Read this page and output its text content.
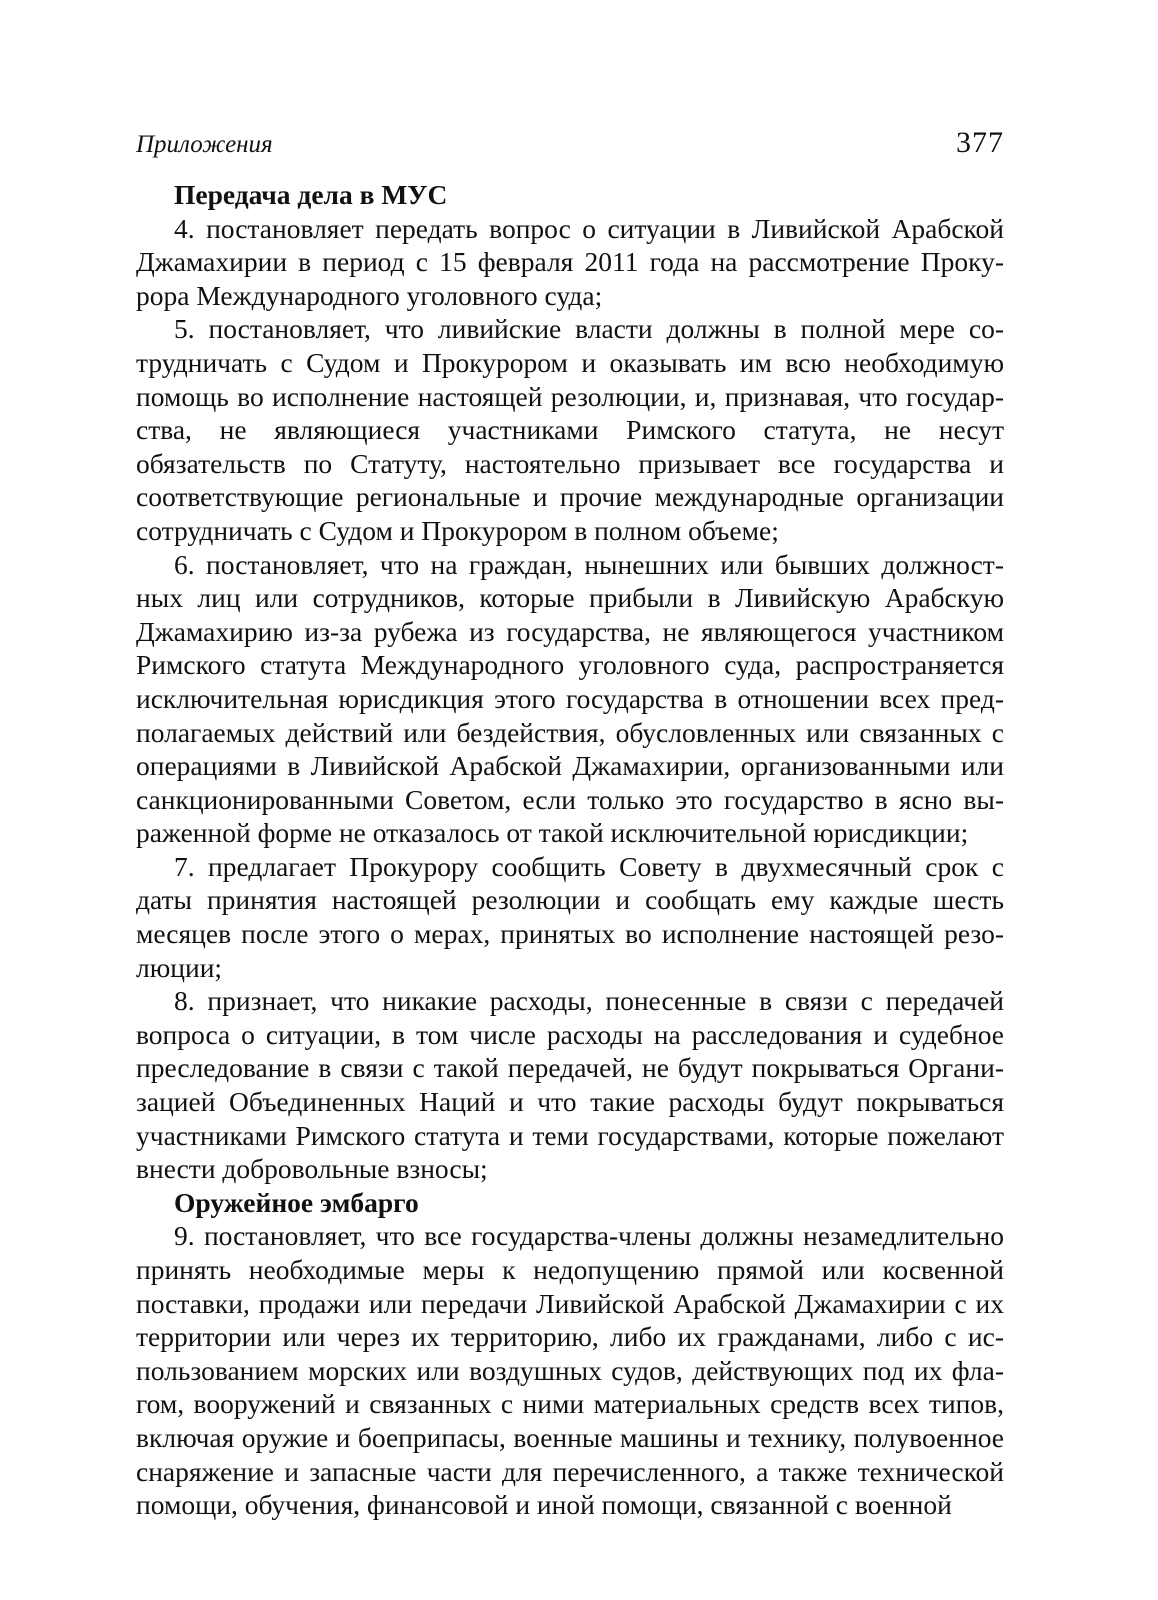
Приложения	377

Передача дела в МУС

4. постановляет передать вопрос о ситуации в Ливийской Арабской Джамахирии в период с 15 февраля 2011 года на рассмотрение Прокурора Международного уголовного суда;

5. постановляет, что ливийские власти должны в полной мере сотрудничать с Судом и Прокурором и оказывать им всю необходимую помощь во исполнение настоящей резолюции, и, признавая, что государства, не являющиеся участниками Римского статута, не несут обязательств по Статуту, настоятельно призывает все государства и соответствующие региональные и прочие международные организации сотрудничать с Судом и Прокурором в полном объеме;

6. постановляет, что на граждан, нынешних или бывших должностных лиц или сотрудников, которые прибыли в Ливийскую Арабскую Джамахирию из-за рубежа из государства, не являющегося участником Римского статута Международного уголовного суда, распространяется исключительная юрисдикция этого государства в отношении всех предполагаемых действий или бездействия, обусловленных или связанных с операциями в Ливийской Арабской Джамахирии, организованными или санкционированными Советом, если только это государство в ясно выраженной форме не отказалось от такой исключительной юрисдикции;

7. предлагает Прокурору сообщить Совету в двухмесячный срок с даты принятия настоящей резолюции и сообщать ему каждые шесть месяцев после этого о мерах, принятых во исполнение настоящей резолюции;

8. признает, что никакие расходы, понесенные в связи с передачей вопроса о ситуации, в том числе расходы на расследования и судебное преследование в связи с такой передачей, не будут покрываться Организацией Объединенных Наций и что такие расходы будут покрываться участниками Римского статута и теми государствами, которые пожелают внести добровольные взносы;

Оружейное эмбарго

9. постановляет, что все государства-члены должны незамедлительно принять необходимые меры к недопущению прямой или косвенной поставки, продажи или передачи Ливийской Арабской Джамахирии с их территории или через их территорию, либо их гражданами, либо с использованием морских или воздушных судов, действующих под их флагом, вооружений и связанных с ними материальных средств всех типов, включая оружие и боеприпасы, военные машины и технику, полувоенное снаряжение и запасные части для перечисленного, а также технической помощи, обучения, финансовой и иной помощи, связанной с военной
